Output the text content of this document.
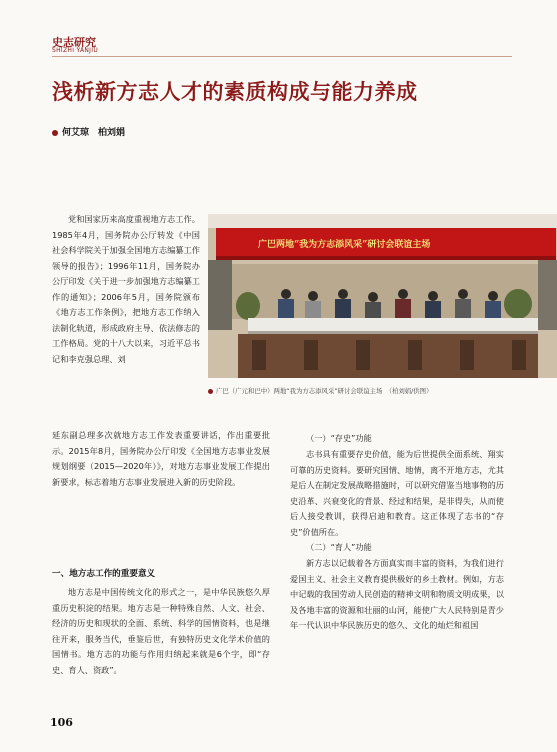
史志研究
SHIZHI YANJIU
浅析新方志人才的素质构成与能力养成
何艾琼　柏刘娟
党和国家历来高度重视地方志工作。1985年4月，国务院办公厅转发《中国社会科学院关于加强全国地方志编纂工作领导的报告》；1996年11月，国务院办公厅印发《关于进一步加强地方志编纂工作的通知》；2006年5月，国务院颁布《地方志工作条例》，把地方志工作纳入法制化轨道，形成政府主导、依法修志的工作格局。党的十八大以来，习近平总书记和李克强总理、刘
广巴两地“我为方志添风采”研讨会联谊主场
广巴（广元和巴中）两地“我为方志添风采”研讨会联谊主场　（柏刘娟/供图）
延东副总理多次就地方志工作发表重要讲话，作出重要批示。2015年8月，国务院办公厅印发《全国地方志事业发展规划纲要（2015—2020年）》，对地方志事业发展工作提出新要求，标志着地方志事业发展进入新的历史阶段。
一、地方志工作的重要意义
地方志是中国传统文化的形式之一，是中华民族悠久厚重历史积淀的结果。地方志是一种特殊自然、人文、社会、经济的历史和现状的全面、系统、科学的国情资料，也是继往开来，服务当代，垂鉴后世，有独特历史文化学术价值的国情书。地方志的功能与作用归纳起来就是6个字，即“存史、育人、资政”。
（一）“存史”功能
志书具有重要存史价值，能为后世提供全面系统、翔实可靠的历史资料。要研究国情、地情，离不开地方志，尤其是后人在制定发展战略措施时，可以研究借鉴当地事物的历史沿革、兴衰变化的背景、经过和结果，是非得失，从而使后人接受教训，获得启迪和教育。这正体现了志书的“存史”价值所在。
（二）“育人”功能
新方志以记载着各方面真实而丰富的资料，为我们进行爱国主义、社会主义教育提供极好的乡土教材。例如，方志中记载的我国劳动人民创造的精神文明和物质文明成果，以及各地丰富的资源和壮丽的山河，能使广大人民特别是青少年一代认识中华民族历史的悠久、文化的灿烂和祖国
106
